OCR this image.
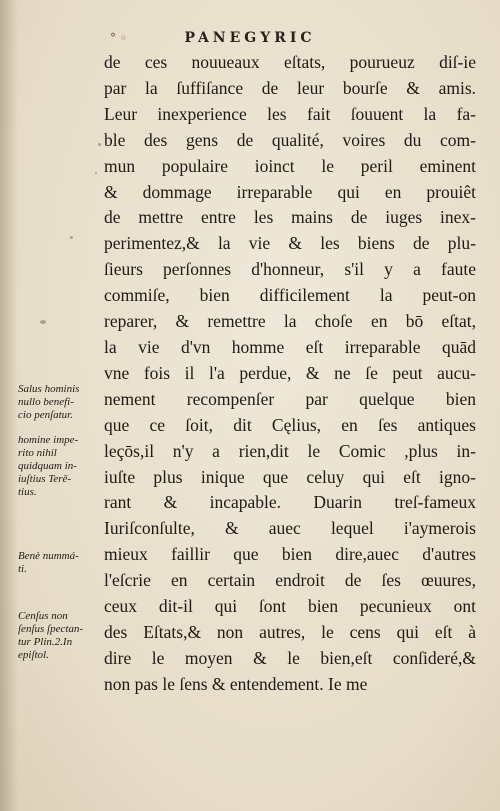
° ◦	PANEGYRIC
de ces nouueaux eſtats, pourueuz diſ-ie
par la ſuffiſance de leur bourſe & amis.
Leur inexperience les fait ſouuent la fa-
ble des gens de qualité, voires du com-
mun populaire ioinct le peril eminent
& dommage irreparable qui en prouiêt
de mettre entre les mains de iuges inex-
perimentez,& la vie & les biens de plu-
ſieurs perſonnes d'honneur, s'il y a faute
commiſe, bien difficilement la peut-on
reparer, & remettre la choſe en bō eſtat,
la vie d'vn homme eſt irreparable quād
vne fois il l'a perdue, & ne ſe peut aucu-
nement recompenſer par quelque bien
que ce ſoit, dit Cęlius, en ſes antiques
leçōs,il n'y a rien,dit le Comic ,plus in-
iuſte plus inique que celuy qui eſt igno-
rant & incapable. Duarin treſ-fameux
Iuriſconſulte, & auec lequel i'aymerois
mieux faillir que bien dire,auec d'autres
l'eſcrie en certain endroit de ſes œuures,
ceux dit-il qui ſont bien pecunieux ont
des Eſtats,& non autres, le cens qui eſt à
dire le moyen & le bien,eſt conſideré,&
non pas le ſens & entendement. Ie me
Salus hominis
nullo benefi-
cio penſatur.
homine impe-
rito nihil
quidquam in-
iuſtius Terē-
tius.
Benè nummá-
ti.
Cenſus non
ſenſus ſpectan-
tur Plin.2.In
epiſtol.
